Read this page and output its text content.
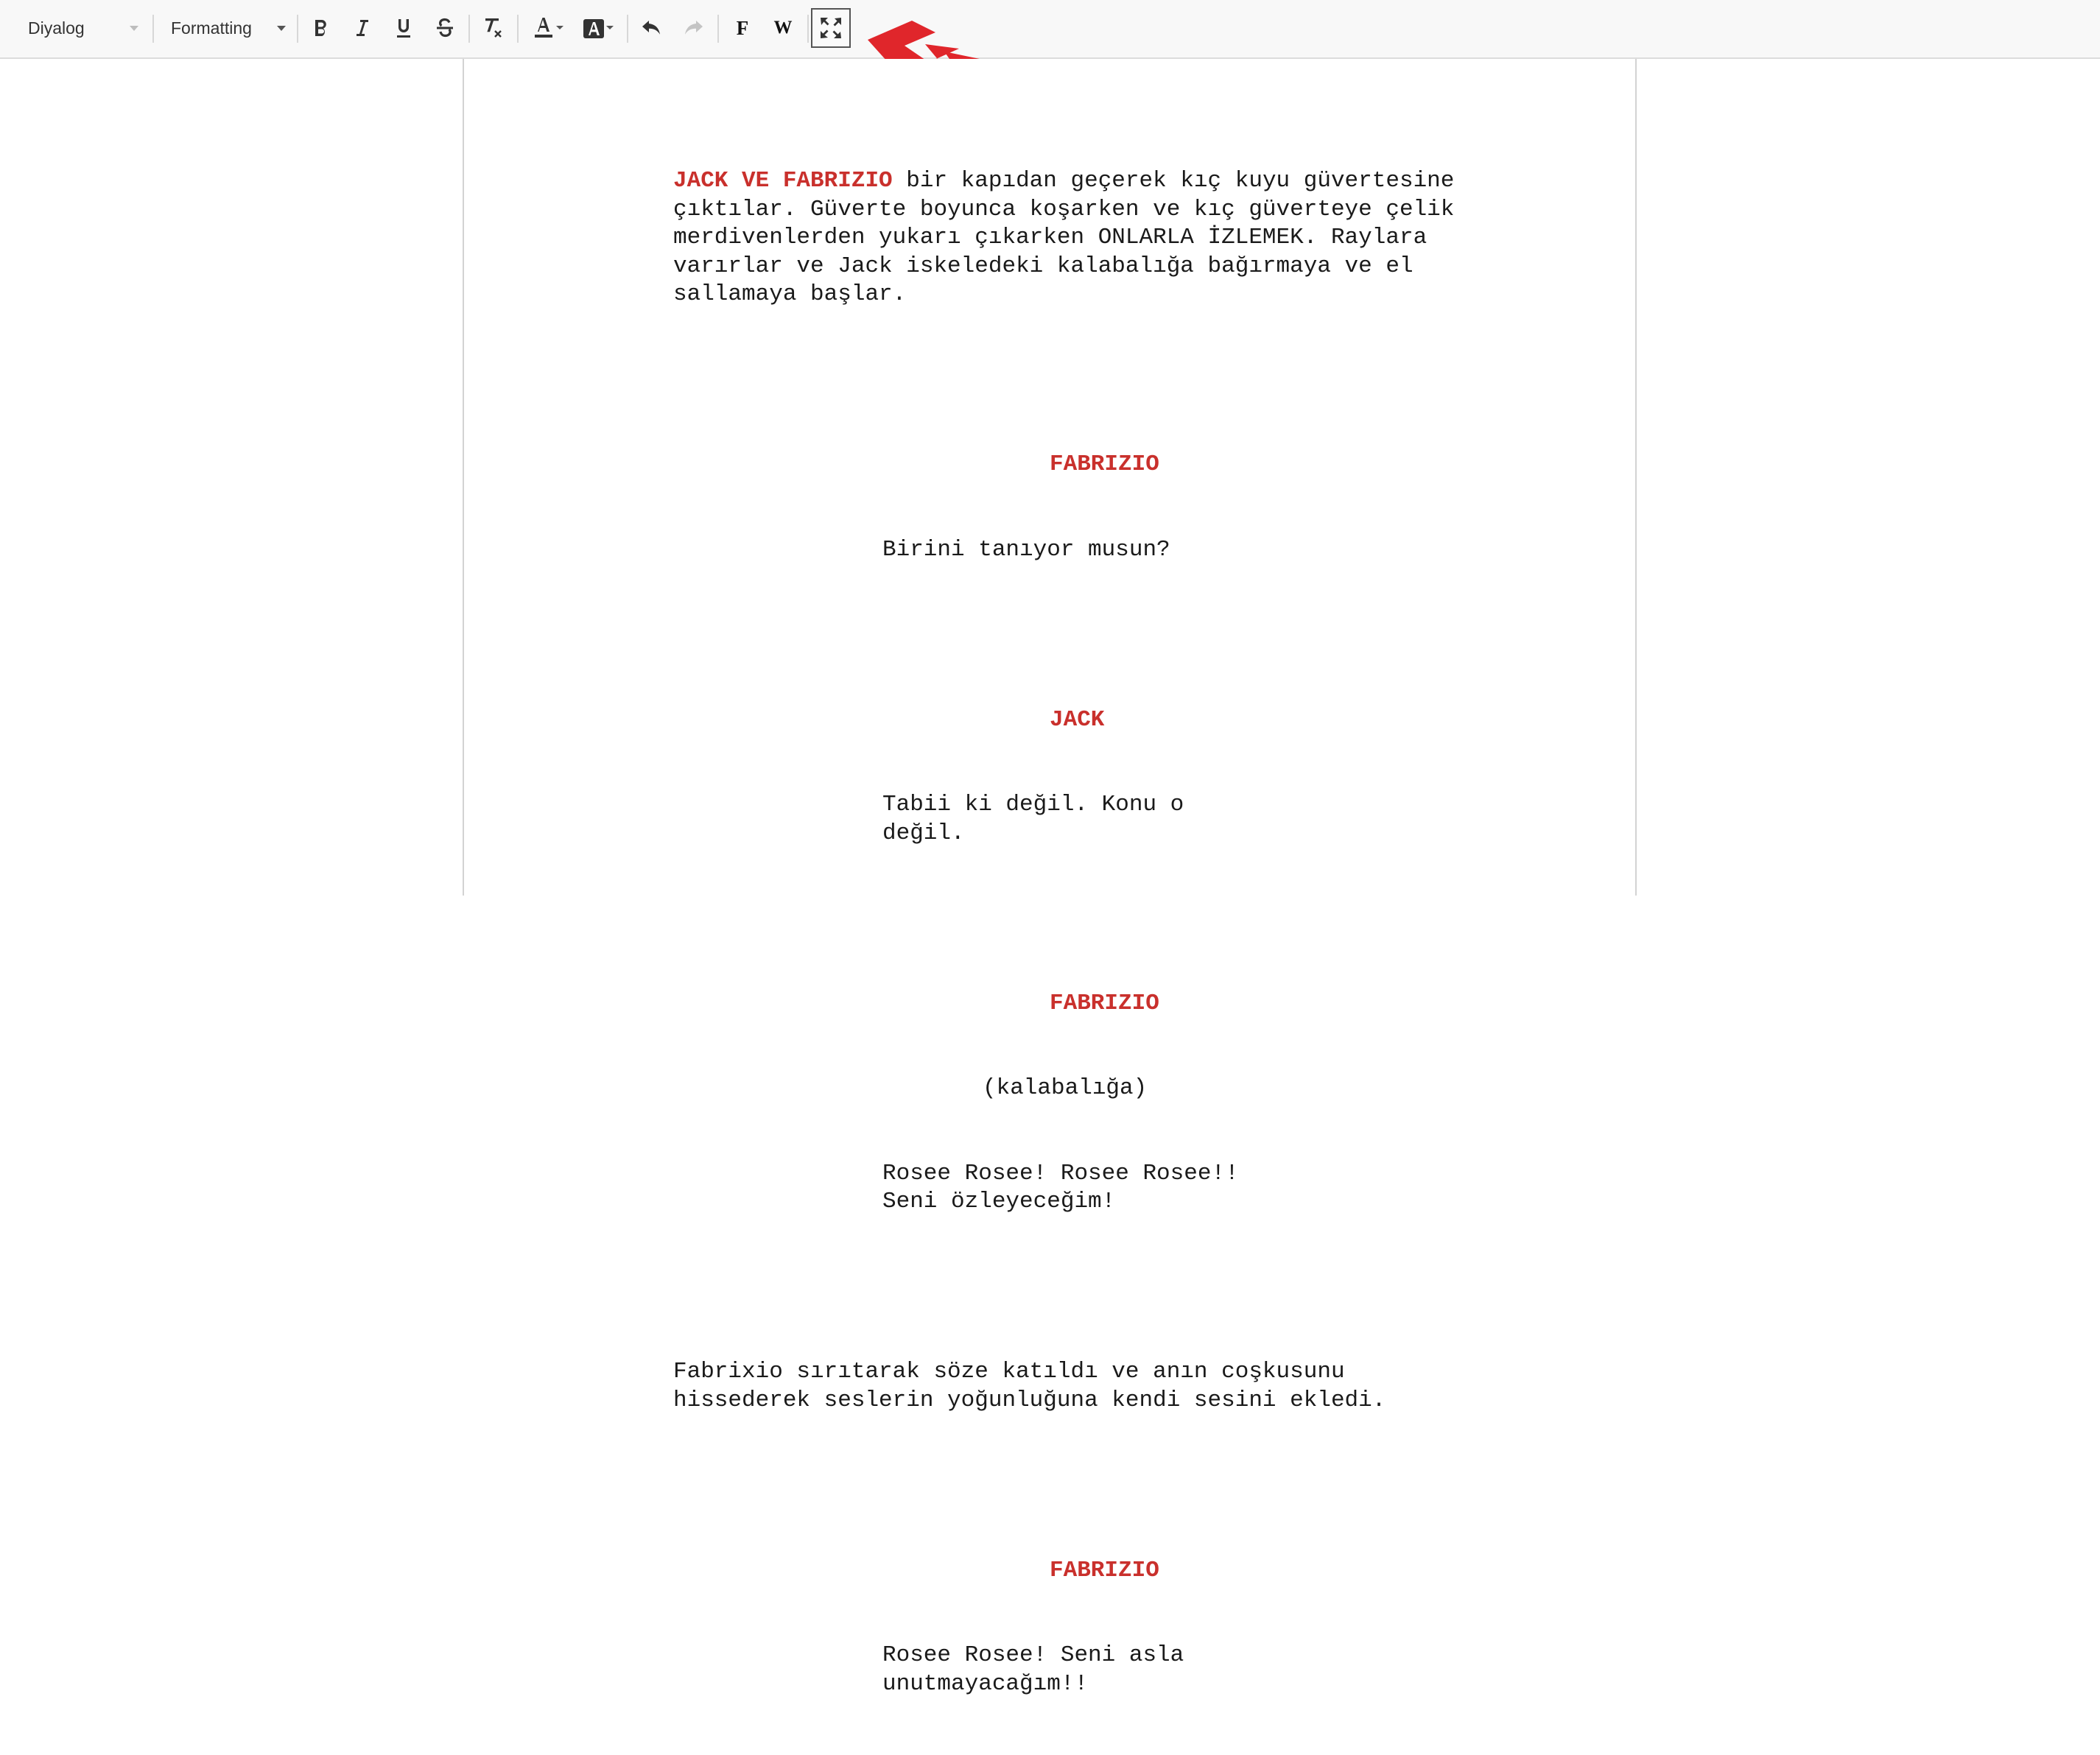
Diyalog	Formatting	F W

JACK VE FABRIZIO bir kapıdan geçerek kıç kuyu güvertesine çıktılar. Güverte boyunca koşarken ve kıç güverteye çelik merdivenlerden yukarı çıkarken ONLARLA İZLEMEK. Raylara varırlar ve Jack iskeledeki kalabalığa bağırmaya ve el sallamaya başlar.

FABRIZIO

Birini tanıyor musun?

JACK

Tabii ki değil. Konu o değil.

FABRIZIO

(kalabalığa)

Rosee Rosee! Rosee Rosee!! Seni özleyeceğim!

Fabrixio sırıtarak söze katıldı ve anın coşkusunu hissederek seslerin yoğunluğuna kendi sesini ekledi.

FABRIZIO

Rosee Rosee! Seni asla unutmayacağım!!
